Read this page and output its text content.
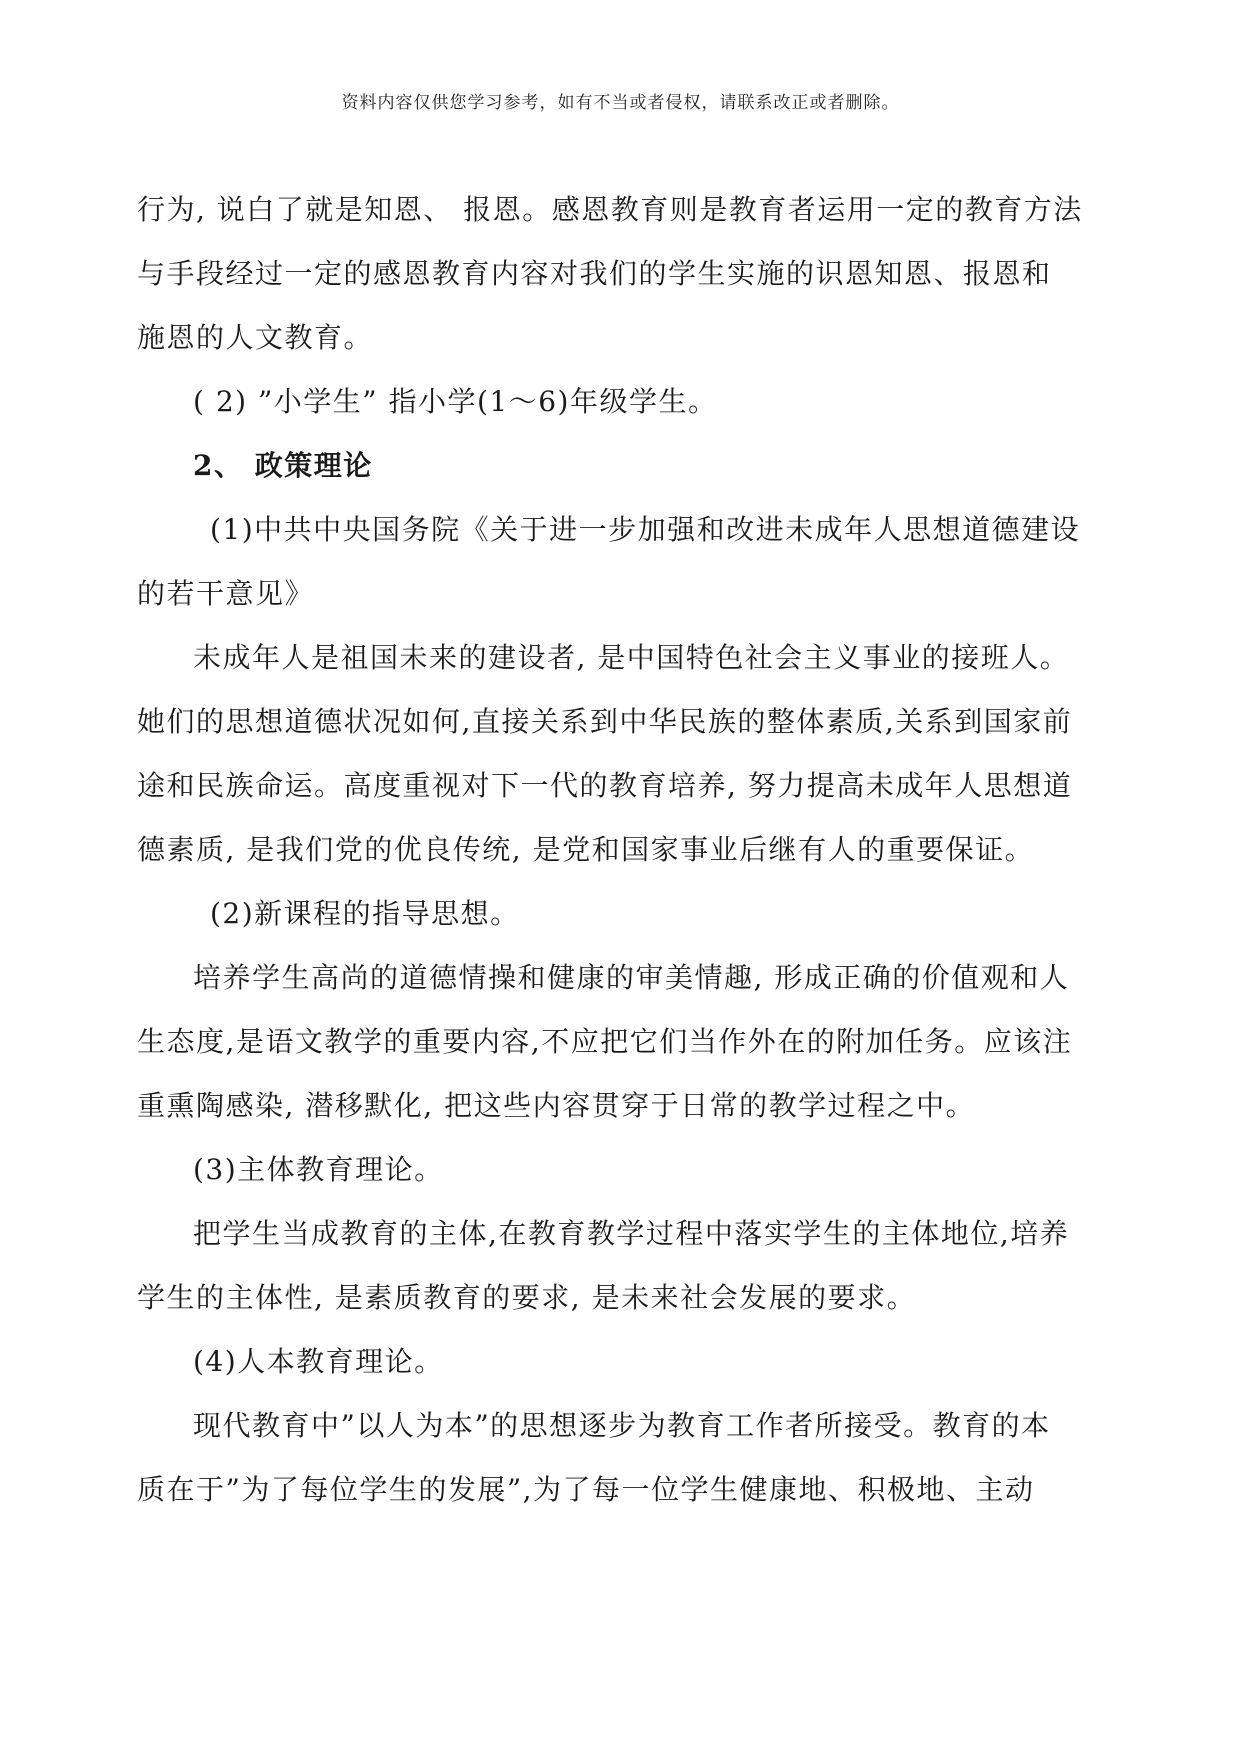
资料内容仅供您学习参考，如有不当或者侵权，请联系改正或者删除。
行为, 说白了就是知恩、 报恩。感恩教育则是教育者运用一定的教育方法
与手段经过一定的感恩教育内容对我们的学生实施的识恩知恩、报恩和
施恩的人文教育。
( 2) ”小学生” 指小学(1～6)年级学生。
2、 政策理论
(1)中共中央国务院《关于进一步加强和改进未成年人思想道德建设
的若干意见》
未成年人是祖国未来的建设者, 是中国特色社会主义事业的接班人。
她们的思想道德状况如何,直接关系到中华民族的整体素质,关系到国家前
途和民族命运。高度重视对下一代的教育培养, 努力提高未成年人思想道
德素质, 是我们党的优良传统, 是党和国家事业后继有人的重要保证。
(2)新课程的指导思想。
培养学生高尚的道德情操和健康的审美情趣, 形成正确的价值观和人
生态度,是语文教学的重要内容,不应把它们当作外在的附加任务。应该注
重熏陶感染, 潜移默化, 把这些内容贯穿于日常的教学过程之中。
(3)主体教育理论。
把学生当成教育的主体,在教育教学过程中落实学生的主体地位,培养
学生的主体性, 是素质教育的要求, 是未来社会发展的要求。
(4)人本教育理论。
现代教育中”以人为本”的思想逐步为教育工作者所接受。教育的本
质在于”为了每位学生的发展”,为了每一位学生健康地、积极地、主动
